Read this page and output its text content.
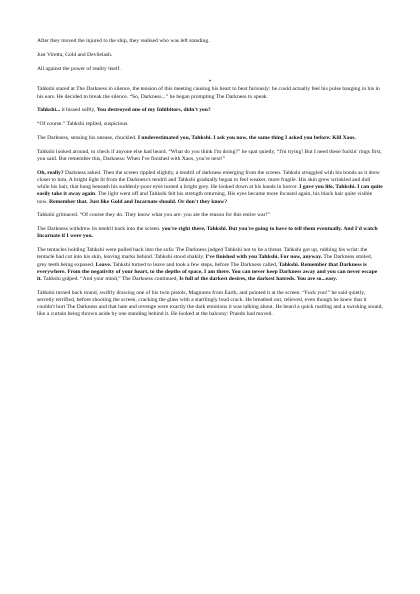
After they moved the injured to the ship, they realised who was left standing.

Just Viretta, Gold and Devilelash.

All against the power of reality itself.

*

Tahkshi stared at The Darkness in silence, the tension of this meeting causing his heart to beat furiously: he could actually feel his pulse banging in his in his ears. He decided to break the silence. “So, Darkness...” he began prompting The Darkness to speak.

Tahkshi... it hissed softly, You destroyed one of my Inhibitors, didn't you?

“Of course.” Tahkshi replied, suspicious.

The Darkness, sensing his unease, chuckled. I underestimated you, Tahkshi. I ask you now, the same thing I asked you before: Kill Xaos.

Tahkshi looked around, to check if anyone else had heard. “What do you think I'm doing?” he spat quietly, “I'm trying! But I need these fuckin' rings first, you said. But remember this, Darkness: When I've finished with Xaos, you're next!”

Oh, really? Darkness asked. Then the screen rippled slightly, a tendril of darkness emerging from the screen. Tahkshi struggled with his bonds as it drew closer to him. A bright light lit from the Darkness's tendril and Tahkshi gradually began to feel weaker, more fragile. His skin grew wrinkled and dull while his hair, that hung beneath his suddenly-poor eyes turned a bright grey. He looked down at his hands in horror. I gave you life, Tahkshi. I can quite easily take it away again. The light went off and Tahkshi felt his strength returning. His eyes became more focused again, his black hair quite visible now. Remember that. Just like Gold and Incarnate should. Or don't they know?

Tahkshi grimaced. “Of course they do. They know what you are: you are the reason for this entire war!”

The Darkness withdrew its tendril back into the screen. you're right there, Tahkshi. But you're going to have to tell them eventually. And I'd watch Incarnate if I were you.

The tentacles holding Tahkshi were pulled back into the sofa: The Darkness judged Tahkshi not to be a threat. Tahkshi got up, rubbing his wrist: the tentacle had cut into his skin, leaving marks behind. Tahkshi stood shakily. I've finished with you Tahkshi. For now, anyway. The Darkness smiled, grey teeth being exposed. Leave. Tahkshi turned to leave and took a few steps, before The Darkness called, Tahkshi. Remember that Darkness is everywhere. From the negativity of your heart, to the depths of space, I am there. You can never keep Darkness away and you can never escape it. Tahkshi gulped. “And your mind,” The Darkness continued, Is full of the darkest desires, the darkest hatreds. You are so...easy.

Tahkshi turned back round, swiftly drawing one of his twin pistols, Magnums from Earth, and pointed it at the screen. “Fuck you!” he said quietly, secretly terrified, before shooting the screen, cracking the glass with a startlingly loud crack. He breathed out, relieved, even though he knew that it couldn't hurt The Darkness and that hate and revenge were exactly the dark emotions it was talking about. He heard a quick rustling and a swishing sound, like a curtain being thrown aside by one standing behind it. He looked at the balcony: Praedo had moved.
